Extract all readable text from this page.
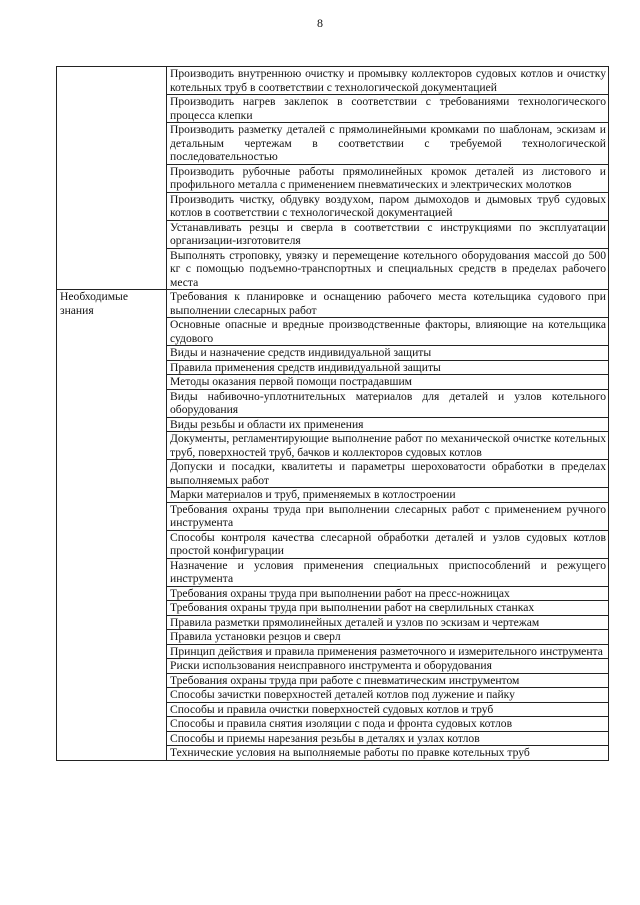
8
	Производить внутреннюю очистку и промывку коллекторов судовых котлов и очистку котельных труб в соответствии с технологической документацией
	Производить нагрев заклепок в соответствии с требованиями технологического процесса клепки
	Производить разметку деталей с прямолинейными кромками по шаблонам, эскизам и детальным чертежам в соответствии с требуемой технологической последовательностью
	Производить рубочные работы прямолинейных кромок деталей из листового и профильного металла с применением пневматических и электрических молотков
	Производить чистку, обдувку воздухом, паром дымоходов и дымовых труб судовых котлов в соответствии с технологической документацией
	Устанавливать резцы и сверла в соответствии с инструкциями по эксплуатации организации-изготовителя
	Выполнять строповку, увязку и перемещение котельного оборудования массой до 500 кг с помощью подъемно-транспортных и специальных средств в пределах рабочего места
Необходимые знания	Требования к планировке и оснащению рабочего места котельщика судового при выполнении слесарных работ
	Основные опасные и вредные производственные факторы, влияющие на котельщика судового
	Виды и назначение средств индивидуальной защиты
	Правила применения средств индивидуальной защиты
	Методы оказания первой помощи пострадавшим
	Виды набивочно-уплотнительных материалов для деталей и узлов котельного оборудования
	Виды резьбы и области их применения
	Документы, регламентирующие выполнение работ по механической очистке котельных труб, поверхностей труб, бачков и коллекторов судовых котлов
	Допуски и посадки, квалитеты и параметры шероховатости обработки в пределах выполняемых работ
	Марки материалов и труб, применяемых в котлостроении
	Требования охраны труда при выполнении слесарных работ с применением ручного инструмента
	Способы контроля качества слесарной обработки деталей и узлов судовых котлов простой конфигурации
	Назначение и условия применения специальных приспособлений и режущего инструмента
	Требования охраны труда при выполнении работ на пресс-ножницах
	Требования охраны труда при выполнении работ на сверлильных станках
	Правила разметки прямолинейных деталей и узлов по эскизам и чертежам
	Правила установки резцов и сверл
	Принцип действия и правила применения разметочного и измерительного инструмента
	Риски использования неисправного инструмента и оборудования
	Требования охраны труда при работе с пневматическим инструментом
	Способы зачистки поверхностей деталей котлов под лужение и пайку
	Способы и правила очистки поверхностей судовых котлов и труб
	Способы и правила снятия изоляции с пода и фронта судовых котлов
	Способы и приемы нарезания резьбы в деталях и узлах котлов
	Технические условия на выполняемые работы по правке котельных труб
